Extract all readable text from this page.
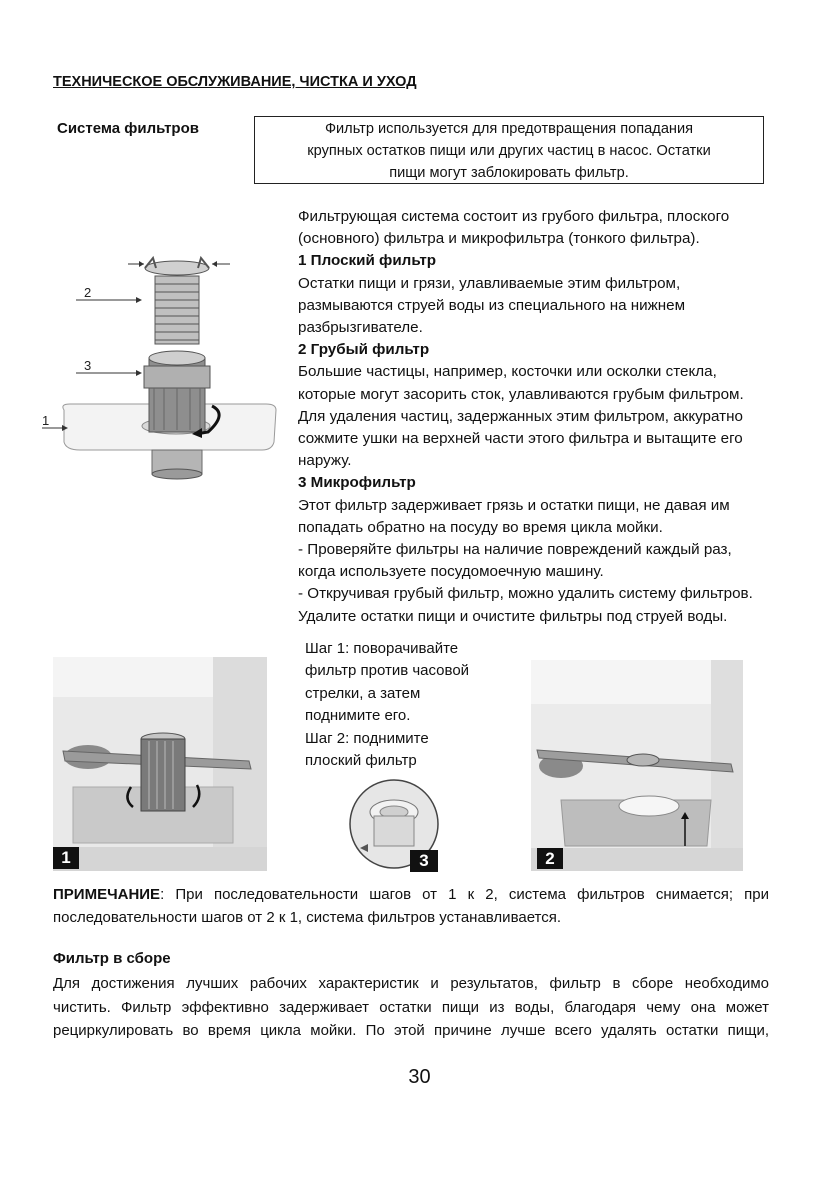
ТЕХНИЧЕСКОЕ ОБСЛУЖИВАНИЕ, ЧИСТКА И УХОД
Система фильтров	Фильтр используется для предотвращения попадания
крупных остатков пищи или других частиц в насос. Остатки
пищи могут заблокировать фильтр.
2
3
1
Фильтрующая система состоит из грубого фильтра, плоского
(основного) фильтра и микрофильтра (тонкого фильтра).
1 Плоский фильтр
Остатки пищи и грязи, улавливаемые этим фильтром,
размываются струей воды из специального на нижнем
разбрызгивателе.
2 Грубый фильтр
Большие частицы, например, косточки или осколки стекла,
которые могут засорить сток, улавливаются грубым фильтром.
Для удаления частиц, задержанных этим фильтром, аккуратно
сожмите ушки на верхней части этого фильтра и вытащите его
наружу.
3 Микрофильтр
Этот фильтр задерживает грязь и остатки пищи, не давая им
попадать обратно на посуду во время цикла мойки.
- Проверяйте фильтры на наличие повреждений каждый раз,
когда используете посудомоечную машину.
- Откручивая грубый фильтр, можно удалить систему фильтров.
Удалите остатки пищи и очистите фильтры под струей воды.
1
Шаг 1: поворачивайте
фильтр против часовой
стрелки, а затем
поднимите его.
Шаг 2: поднимите
плоский фильтр
3	2
ПРИМЕЧАНИЕ: При последовательности шагов от 1 к 2, система фильтров снимается; при
последовательности шагов от 2 к 1, система фильтров устанавливается.
Фильтр в сборе
Для достижения лучших рабочих характеристик и результатов, фильтр в сборе необходимо
чистить. Фильтр эффективно задерживает остатки пищи из воды, благодаря чему она может
рециркулировать во время цикла мойки. По этой причине лучше всего удалять остатки пищи,
30
